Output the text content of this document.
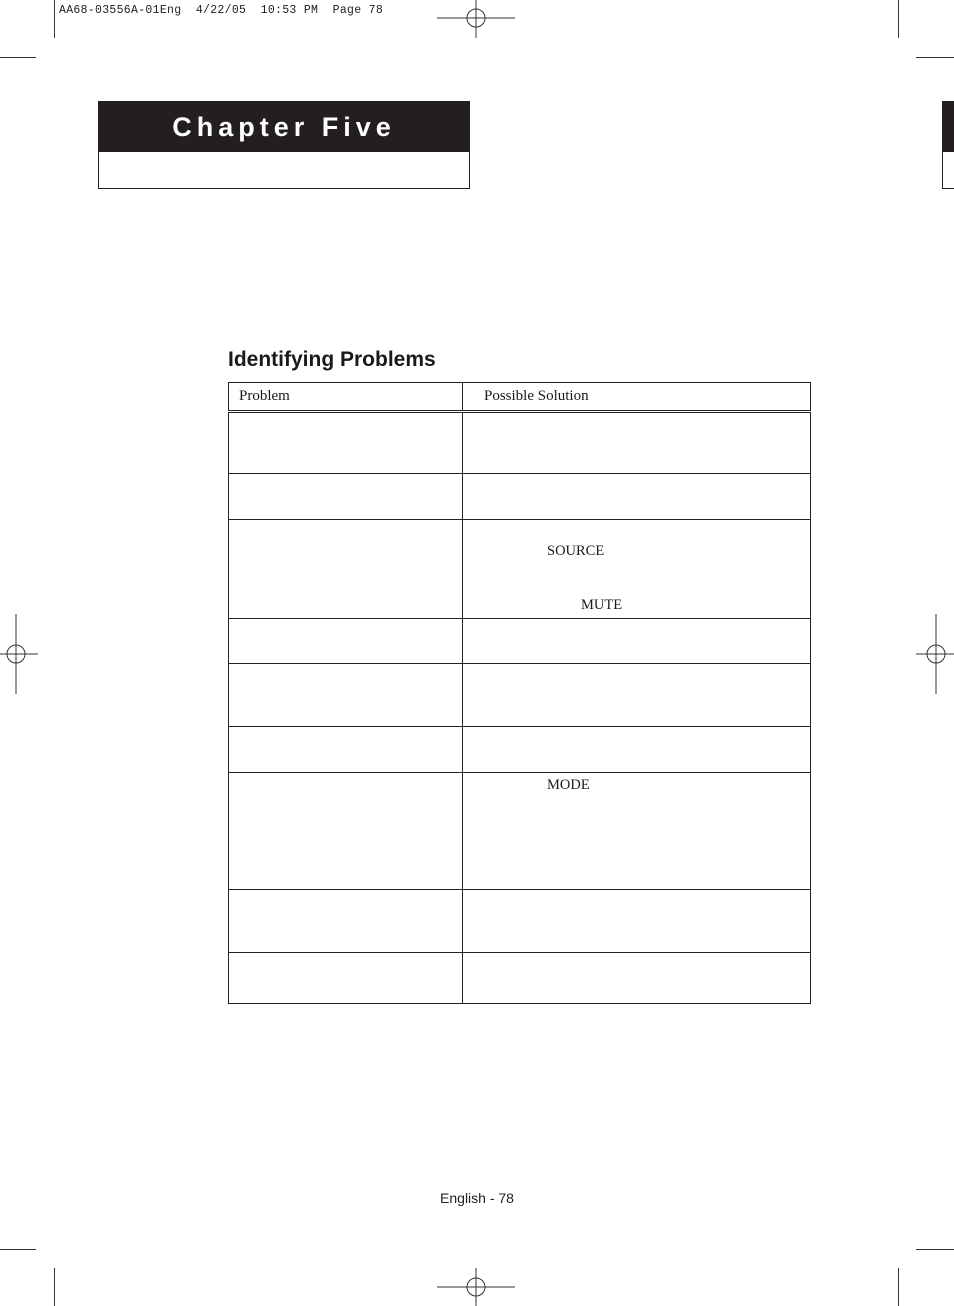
AA68-03556A-01Eng  4/22/05  10:53 PM  Page 78
Chapter Five
Identifying Problems
Problem	Possible Solution

	SOURCE
MUTE

	MODE

English - 78
